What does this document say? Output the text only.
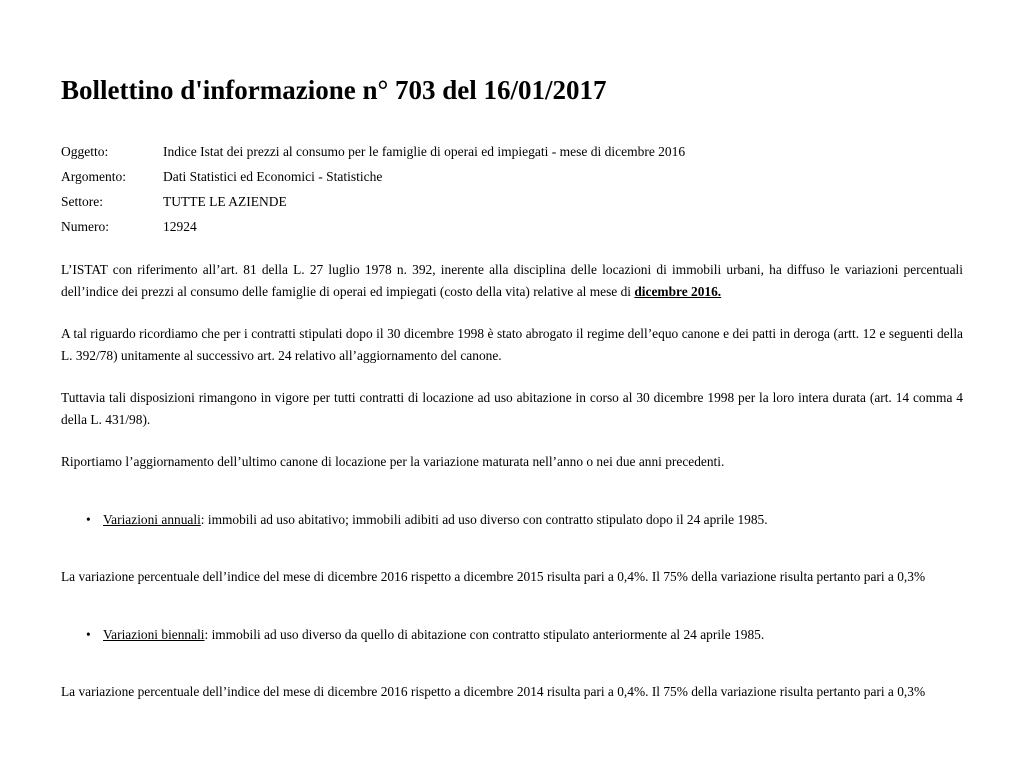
Bollettino d'informazione n° 703 del 16/01/2017
Oggetto:	Indice Istat dei prezzi al consumo per le famiglie di operai ed impiegati - mese di dicembre 2016
Argomento:	Dati Statistici ed Economici - Statistiche
Settore:	TUTTE LE AZIENDE
Numero:	12924

L’ISTAT con riferimento all’art. 81 della L. 27 luglio 1978 n. 392, inerente alla disciplina delle locazioni di immobili urbani, ha diffuso le variazioni percentuali dell’indice dei prezzi al consumo delle famiglie di operai ed impiegati (costo della vita) relative al mese di dicembre 2016.

A tal riguardo ricordiamo che per i contratti stipulati dopo il 30 dicembre 1998 è stato abrogato il regime dell’equo canone e dei patti in deroga (artt. 12 e seguenti della L. 392/78) unitamente al successivo art. 24 relativo all’aggiornamento del canone.

Tuttavia tali disposizioni rimangono in vigore per tutti contratti di locazione ad uso abitazione in corso al 30 dicembre 1998 per la loro intera durata (art. 14 comma 4 della L. 431/98).

Riportiamo l’aggiornamento dell’ultimo canone di locazione per la variazione maturata nell’anno o nei due anni precedenti.

• Variazioni annuali: immobili ad uso abitativo; immobili adibiti ad uso diverso con contratto stipulato dopo il 24 aprile 1985.

La variazione percentuale dell’indice del mese di dicembre 2016 rispetto a dicembre 2015 risulta pari a 0,4%. Il 75% della variazione risulta pertanto pari a 0,3%

• Variazioni biennali: immobili ad uso diverso da quello di abitazione con contratto stipulato anteriormente al 24 aprile 1985.

La variazione percentuale dell’indice del mese di dicembre 2016 rispetto a dicembre 2014 risulta pari a 0,4%. Il 75% della variazione risulta pertanto pari a 0,3%
